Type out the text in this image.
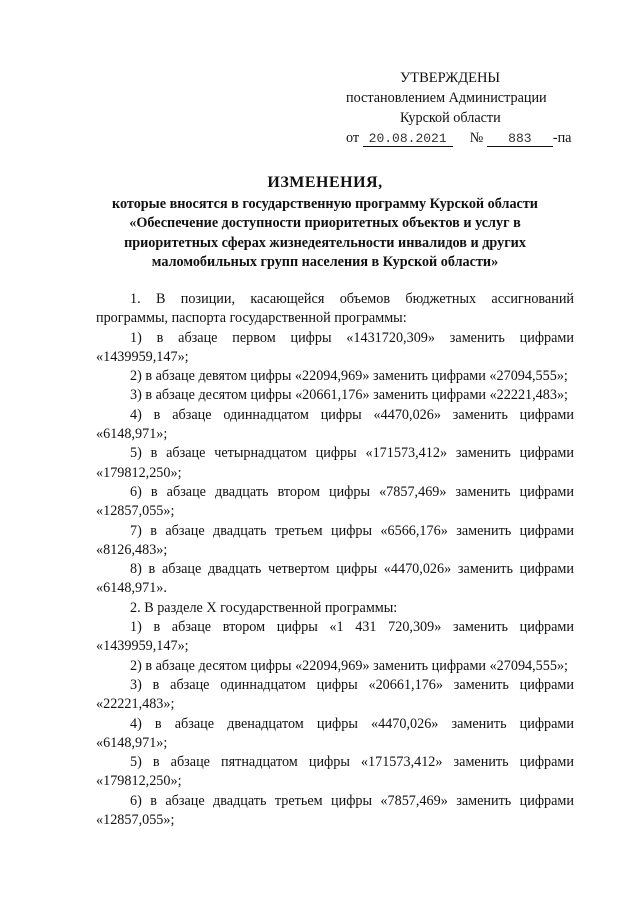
УТВЕРЖДЕНЫ
постановлением Администрации
Курской области
от 20.08.2021 № 883 -па
ИЗМЕНЕНИЯ,
которые вносятся в государственную программу Курской области
«Обеспечение доступности приоритетных объектов и услуг в
приоритетных сферах жизнедеятельности инвалидов и других
маломобильных групп населения в Курской области»
1. В позиции, касающейся объемов бюджетных ассигнований программы, паспорта государственной программы:
1) в абзаце первом цифры «1431720,309» заменить цифрами «1439959,147»;
2) в абзаце девятом цифры «22094,969» заменить цифрами «27094,555»;
3) в абзаце десятом цифры «20661,176» заменить цифрами «22221,483»;
4) в абзаце одиннадцатом цифры «4470,026» заменить цифрами «6148,971»;
5) в абзаце четырнадцатом цифры «171573,412» заменить цифрами «179812,250»;
6) в абзаце двадцать втором цифры «7857,469» заменить цифрами «12857,055»;
7) в абзаце двадцать третьем цифры «6566,176» заменить цифрами «8126,483»;
8) в абзаце двадцать четвертом цифры «4470,026» заменить цифрами «6148,971».
2. В разделе X государственной программы:
1) в абзаце втором цифры «1 431 720,309» заменить цифрами «1439959,147»;
2) в абзаце десятом цифры «22094,969» заменить цифрами «27094,555»;
3) в абзаце одиннадцатом цифры «20661,176» заменить цифрами «22221,483»;
4) в абзаце двенадцатом цифры «4470,026» заменить цифрами «6148,971»;
5) в абзаце пятнадцатом цифры «171573,412» заменить цифрами «179812,250»;
6) в абзаце двадцать третьем цифры «7857,469» заменить цифрами «12857,055»;
